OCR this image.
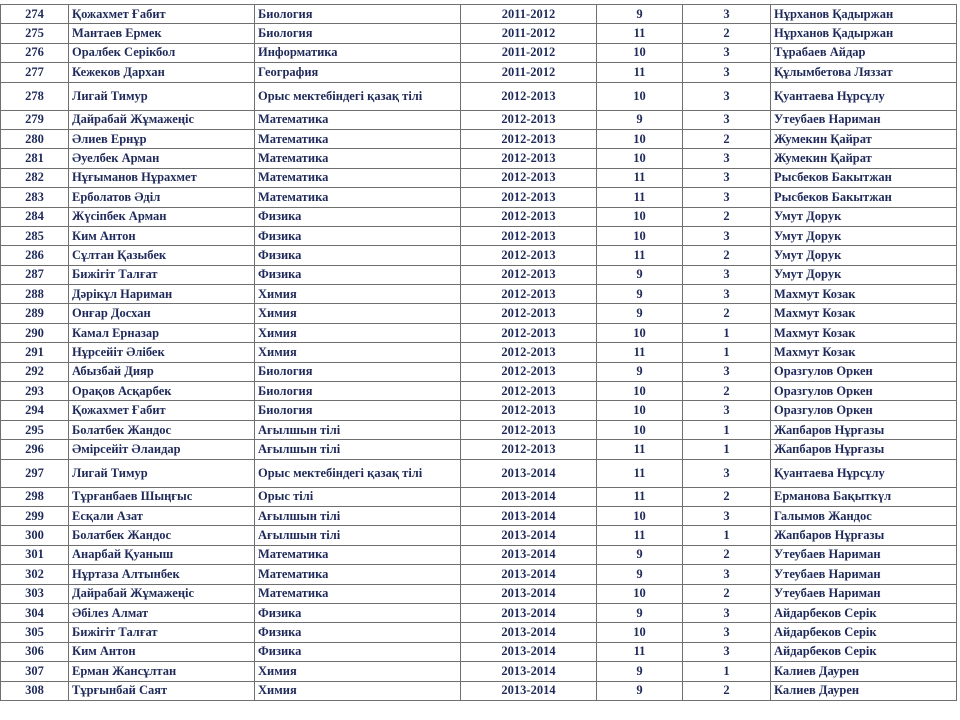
274	Қожахмет Ғабит	Биология	2011-2012	9	3	Нұрханов Қадыржан
275	Мантаев Ермек	Биология	2011-2012	11	2	Нұрханов Қадыржан
276	Оралбек Серікбол	Информатика	2011-2012	10	3	Тұрабаев Айдар
277	Кежеков Дархан	География	2011-2012	11	3	Құлымбетова Ляззат
278	Лигай Тимур	Орыс мектебіндегі қазақ тілі	2012-2013	10	3	Қуантаева Нұрсұлу
279	Дайрабай Жұмажеңіс	Математика	2012-2013	9	3	Утеубаев Нариман
280	Әлиев Ернұр	Математика	2012-2013	10	2	Жумекин Қайрат
281	Әуелбек Арман	Математика	2012-2013	10	3	Жумекин Қайрат
282	Нұғыманов Нұрахмет	Математика	2012-2013	11	3	Рысбеков Бакытжан
283	Ерболатов Әділ	Математика	2012-2013	11	3	Рысбеков Бакытжан
284	Жүсіпбек Арман	Физика	2012-2013	10	2	Умут Дорук
285	Ким Антон	Физика	2012-2013	10	3	Умут Дорук
286	Сұлтан Қазыбек	Физика	2012-2013	11	2	Умут Дорук
287	Бижігіт Талғат	Физика	2012-2013	9	3	Умут Дорук
288	Дәрікұл Нариман	Химия	2012-2013	9	3	Махмут Козак
289	Онғар Досхан	Химия	2012-2013	9	2	Махмут Козак
290	Камал Ерназар	Химия	2012-2013	10	1	Махмут Козак
291	Нұрсейіт Әлібек	Химия	2012-2013	11	1	Махмут Козак
292	Абызбай Дияр	Биология	2012-2013	9	3	Оразгулов Оркен
293	Орақов Асқарбек	Биология	2012-2013	10	2	Оразгулов Оркен
294	Қожахмет Ғабит	Биология	2012-2013	10	3	Оразгулов Оркен
295	Болатбек Жандос	Ағылшын тілі	2012-2013	10	1	Жапбаров Нұрғазы
296	Әмірсейіт Әлаидар	Ағылшын тілі	2012-2013	11	1	Жапбаров Нұрғазы
297	Лигай Тимур	Орыс мектебіндегі қазақ тілі	2013-2014	11	3	Қуантаева Нұрсұлу
298	Тұрғанбаев Шыңғыс	Орыс тілі	2013-2014	11	2	Ерманова Бақыткүл
299	Есқали Азат	Ағылшын тілі	2013-2014	10	3	Галымов Жандос
300	Болатбек Жандос	Ағылшын тілі	2013-2014	11	1	Жапбаров Нұрғазы
301	Анарбай Қуаныш	Математика	2013-2014	9	2	Утеубаев Нариман
302	Нұртаза Алтынбек	Математика	2013-2014	9	3	Утеубаев Нариман
303	Дайрабай Жұмажеңіс	Математика	2013-2014	10	2	Утеубаев Нариман
304	Әбілез Алмат	Физика	2013-2014	9	3	Айдарбеков Серік
305	Бижігіт Талғат	Физика	2013-2014	10	3	Айдарбеков Серік
306	Ким Антон	Физика	2013-2014	11	3	Айдарбеков Серік
307	Ерман Жансұлтан	Химия	2013-2014	9	1	Калиев Даурен
308	Тұрғынбай Саят	Химия	2013-2014	9	2	Калиев Даурен
